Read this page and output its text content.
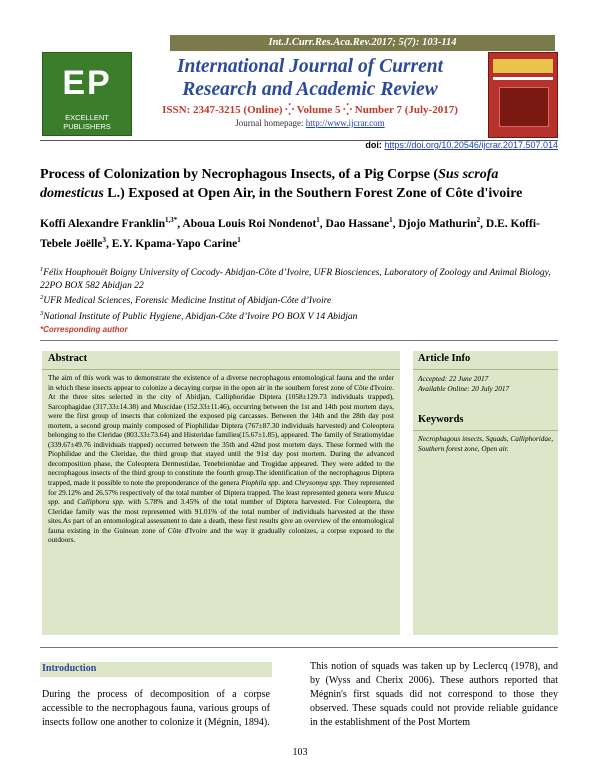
Int.J.Curr.Res.Aca.Rev.2017; 5(7): 103-114
EP
EXCELLENT PUBLISHERS
International Journal of Current Research and Academic Review
ISSN: 2347-3215 (Online) ⁛ Volume 5 ⁛ Number 7 (July-2017)
Journal homepage: http://www.ijcrar.com
doi: https://doi.org/10.20546/ijcrar.2017.507.014
Process of Colonization by Necrophagous Insects, of a Pig Corpse (Sus scrofa domesticus L.) Exposed at Open Air, in the Southern Forest Zone of Côte d'ivoire
Koffi Alexandre Franklin$^{1,3*}$, Aboua Louis Roi Nondenot$^1$, Dao Hassane$^1$, Djojo Mathurin$^2$, D.E. Koffi-Tebele Joëlle$^3$, E.Y. Kpama-Yapo Carine$^1$
$^1$Félix Houphouët Boigny University of Cocody- Abidjan-Côte d’Ivoire, UFR Biosciences, Laboratory of Zoology and Animal Biology, 22PO BOX 582 Abidjan 22
$^2$UFR Medical Sciences, Forensic Medicine Institut of Abidjan-Côte d’Ivoire
$^3$National Institute of Public Hygiene, Abidjan-Côte d’Ivoire PO BOX V 14 Abidjan
*Corresponding author
Abstract
The aim of this work was to demonstrate the existence of a diverse necrophagous entomological fauna and the order in which these insects appear to colonize a decaying corpse in the open air in the southern forest zone of Côte d'Ivoire. At the three sites selected in the city of Abidjan, Calliphoridae Diptera (1058±129.73 individuals trapped), Sarcophagidae (317.33±14.38) and Muscidae (152.33±11.46), occurring between the 1st and 14th post mortem days, were the first group of insects that colonized the exposed pig carcasses. Between the 14th and the 28th day post mortem, a second group mainly composed of Piophilidae Diptera (767±87.30 individuals harvested) and Coleoptera belonging to the Cleridae (803.33±73.64) and Histeridae families(15.67±1.85), appeared. The family of Stratiomyidae (339.67±49.76 individuals trapped) occurred between the 35th and 42nd post mortem days. These formed with the Piophilidae and the Cleridae, the third group that stayed until the 91st day post mortem. During the advanced decomposition phase, the Coleoptera Dermestidae, Tenebrionidae and Trogidae appeared. They were added to the necrophagous insects of the third group to constitute the fourth group.The identification of the necrophagous Diptera trapped, made it possible to note the preponderance of the genera Piophila spp. and Chrysomya spp. They represented for 29.12% and 26.57% respectively of the total number of Diptera trapped. The least represented genera were Musca spp. and Calliphora spp. with 5.78% and 3.45% of the total number of Diptera harvested. For Coleoptera, the Cleridae family was the most represented with 91.01% of the total number of individuals harvested at the three sites.As part of an entomological assessment to date a death, these first results give an overview of the entomological fauna existing in the Guinean zone of Côte d'Ivoire and the way it gradually colonizes, a corpse exposed to the outdoors.
Article Info
Accepted: 22 June 2017
Available Online: 20 July 2017
Keywords
Necrophagous insects, Squads, Calliphoridae, Southern forest zone, Open air.
Introduction
During the process of decomposition of a corpse accessible to the necrophagous fauna, various groups of insects follow one another to colonize it (Mégnin, 1894).
This notion of squads was taken up by Leclercq (1978), and by (Wyss and Cherix 2006). These authors reported that Mégnin's first squads did not correspond to those they observed. These squads could not provide reliable guidance in the establishment of the Post Mortem
103
